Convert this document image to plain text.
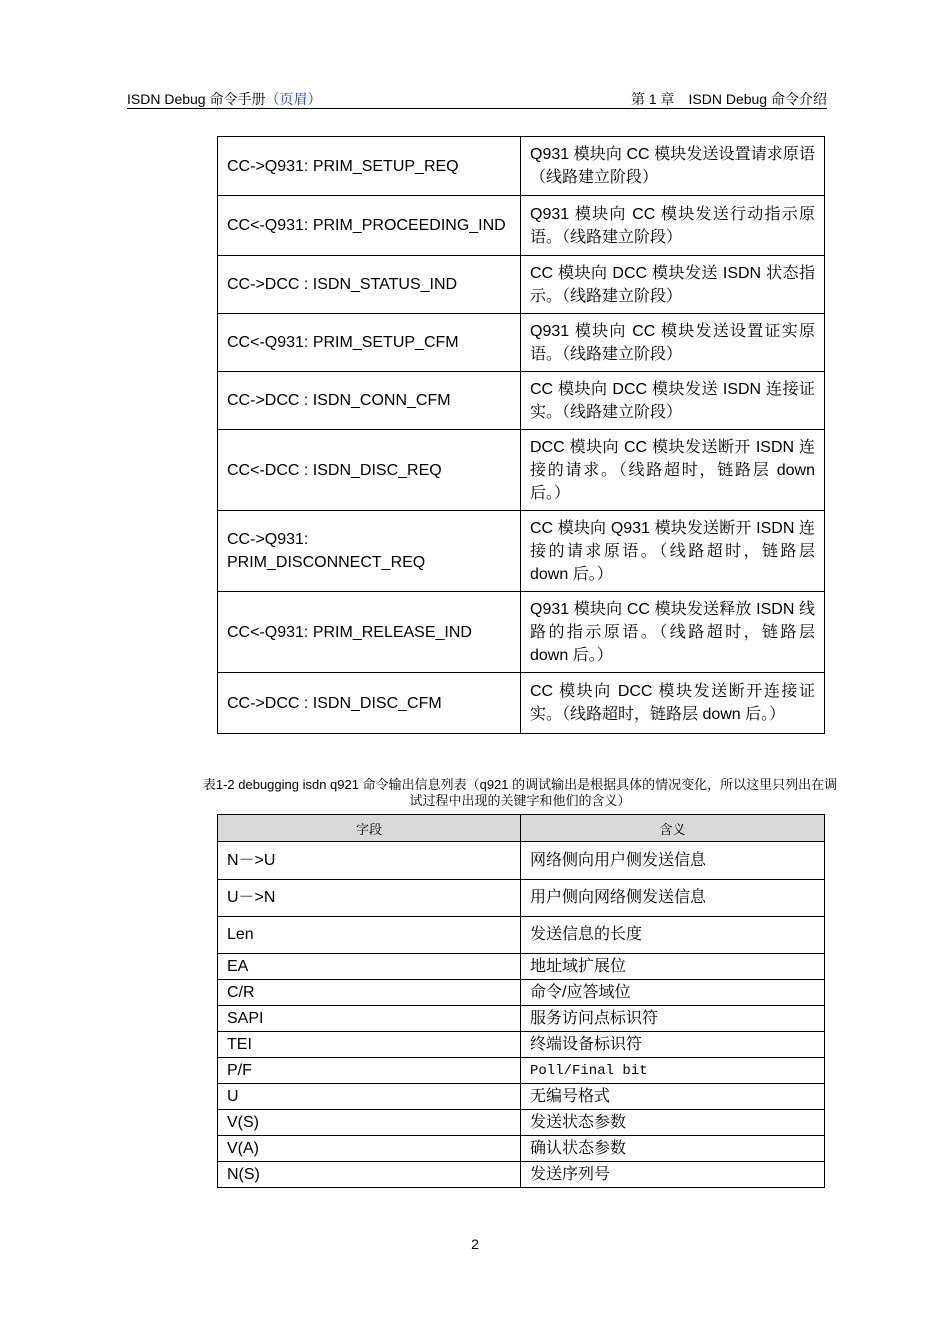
ISDN Debug 命令手册（页眉）	第 1 章　ISDN Debug 命令介绍
CC->Q931: PRIM_SETUP_REQ	Q931 模块向 CC 模块发送设置请求原语（线路建立阶段）
CC<-Q931: PRIM_PROCEEDING_IND	Q931 模块向 CC 模块发送行动指示原语。（线路建立阶段）
CC->DCC : ISDN_STATUS_IND	CC 模块向 DCC 模块发送 ISDN 状态指示。（线路建立阶段）
CC<-Q931: PRIM_SETUP_CFM	Q931 模块向 CC 模块发送设置证实原语。（线路建立阶段）
CC->DCC : ISDN_CONN_CFM	CC 模块向 DCC 模块发送 ISDN 连接证实。（线路建立阶段）
CC<-DCC : ISDN_DISC_REQ	DCC 模块向 CC 模块发送断开 ISDN 连接的请求。（线路超时，链路层 down 后。）
CC->Q931: PRIM_DISCONNECT_REQ	CC 模块向 Q931 模块发送断开 ISDN 连接的请求原语。（线路超时，链路层 down 后。）
CC<-Q931: PRIM_RELEASE_IND	Q931 模块向 CC 模块发送释放 ISDN 线路的指示原语。（线路超时，链路层 down 后。）
CC->DCC : ISDN_DISC_CFM	CC 模块向 DCC 模块发送断开连接证实。（线路超时，链路层 down 后。）
表1-2 debugging isdn q921 命令输出信息列表（q921 的调试输出是根据具体的情况变化，所以这里只列出在调试过程中出现的关键字和他们的含义）
字段	含义
N－>U	网络侧向用户侧发送信息
U－>N	用户侧向网络侧发送信息
Len	发送信息的长度
EA	地址域扩展位
C/R	命令/应答域位
SAPI	服务访问点标识符
TEI	终端设备标识符
P/F	Poll/Final bit
U	无编号格式
V(S)	发送状态参数
V(A)	确认状态参数
N(S)	发送序列号
2
